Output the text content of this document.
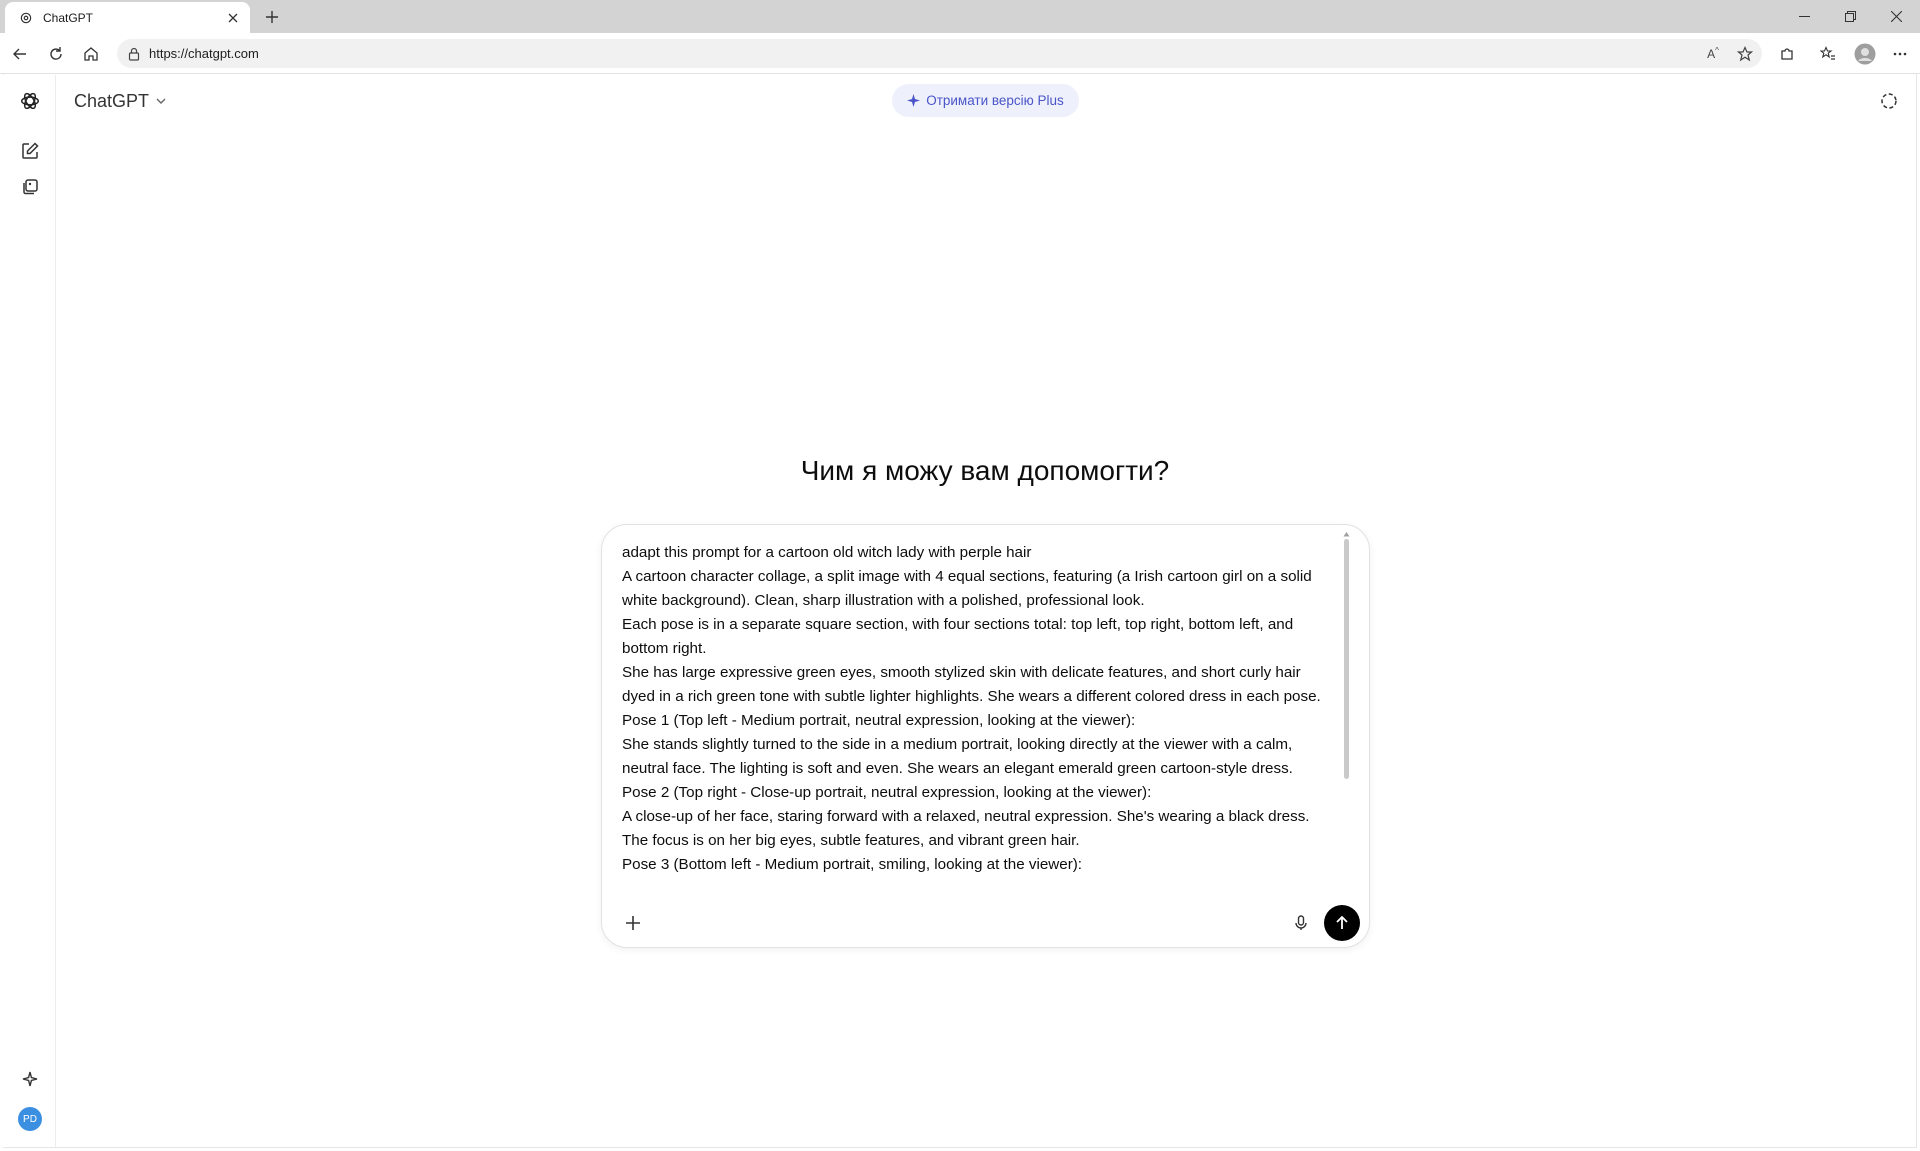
ChatGPT
https://chatgpt.com	A^
PD
ChatGPT	Отримати версію Plus
Чим я можу вам допомогти?

adapt this prompt for a cartoon old witch lady with perple hair

A cartoon character collage, a split image with 4 equal sections, featuring (a Irish cartoon girl on a solid white background). Clean, sharp illustration with a polished, professional look.

Each pose is in a separate square section, with four sections total: top left, top right, bottom left, and bottom right.

She has large expressive green eyes, smooth stylized skin with delicate features, and short curly hair dyed in a rich green tone with subtle lighter highlights. She wears a different colored dress in each pose.

Pose 1 (Top left - Medium portrait, neutral expression, looking at the viewer):

She stands slightly turned to the side in a medium portrait, looking directly at the viewer with a calm, neutral face. The lighting is soft and even. She wears an elegant emerald green cartoon-style dress.

Pose 2 (Top right - Close-up portrait, neutral expression, looking at the viewer):

A close-up of her face, staring forward with a relaxed, neutral expression. She's wearing a black dress. The focus is on her big eyes, subtle features, and vibrant green hair.

Pose 3 (Bottom left - Medium portrait, smiling, looking at the viewer):
